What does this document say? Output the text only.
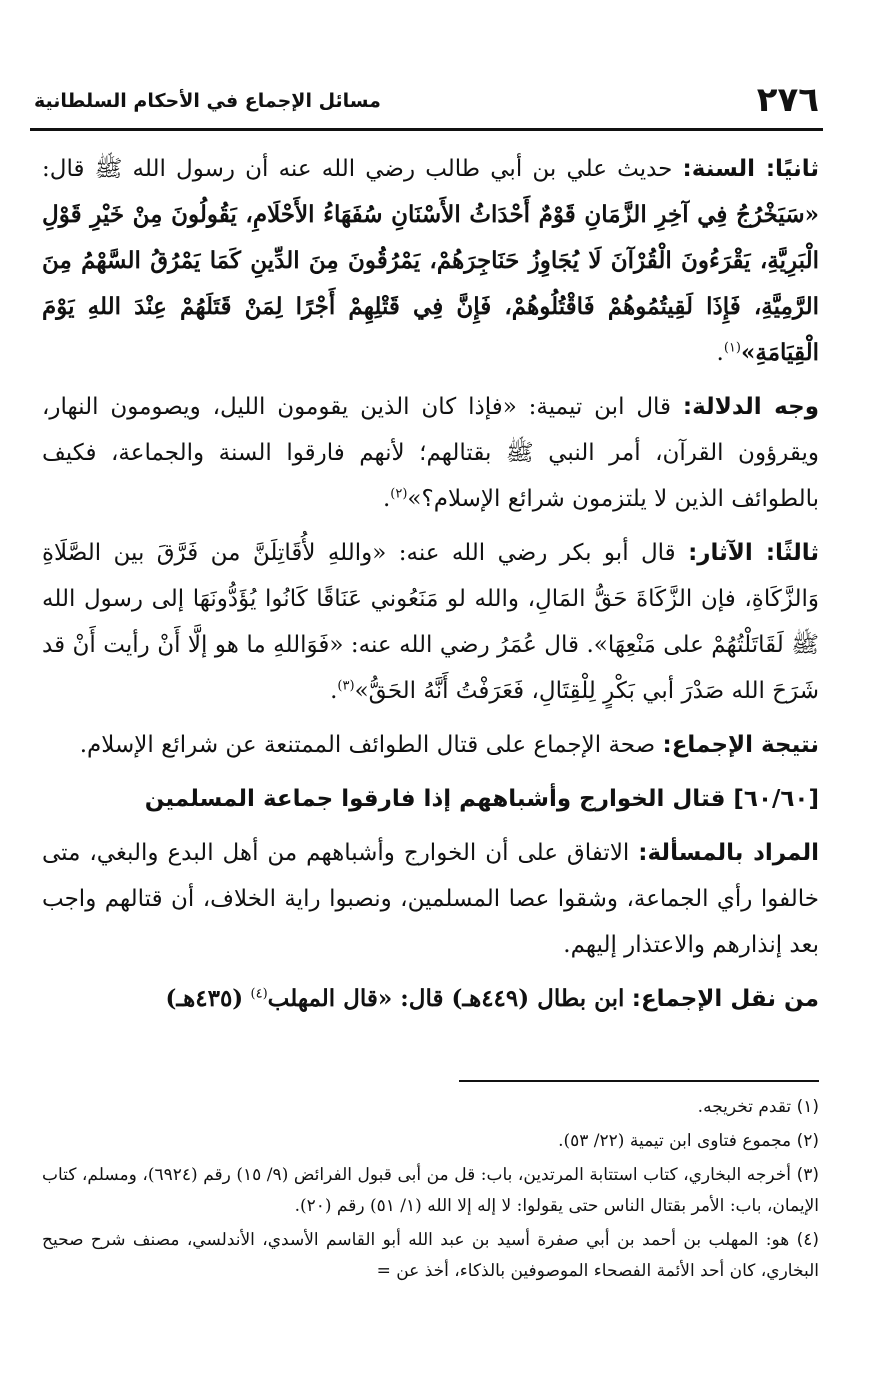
٢٧٦
مسائل الإجماع في الأحكام السلطانية

ثانيًا: السنة: حديث علي بن أبي طالب رضي الله عنه أن رسول الله ﷺ قال: «سَيَخْرُجُ فِي آخِرِ الزَّمَانِ قَوْمٌ أَحْدَاثُ الأَسْنَانِ سُفَهَاءُ الأَحْلَامِ، يَقُولُونَ مِنْ خَيْرِ قَوْلِ الْبَرِيَّةِ، يَقْرَءُونَ الْقُرْآنَ لَا يُجَاوِزُ حَنَاجِرَهُمْ، يَمْرُقُونَ مِنَ الدِّينِ كَمَا يَمْرُقُ السَّهْمُ مِنَ الرَّمِيَّةِ، فَإِذَا لَقِيتُمُوهُمْ فَاقْتُلُوهُمْ، فَإِنَّ فِي قَتْلِهِمْ أَجْرًا لِمَنْ قَتَلَهُمْ عِنْدَ اللهِ يَوْمَ الْقِيَامَةِ»$^{(١)}$.

وجه الدلالة: قال ابن تيمية: «فإذا كان الذين يقومون الليل، ويصومون النهار، ويقرؤون القرآن، أمر النبي ﷺ بقتالهم؛ لأنهم فارقوا السنة والجماعة، فكيف بالطوائف الذين لا يلتزمون شرائع الإسلام؟»$^{(٢)}$.

ثالثًا: الآثار: قال أبو بكر رضي الله عنه: «واللهِ لأُقَاتِلَنَّ من فَرَّقَ بين الصَّلَاةِ وَالزَّكَاةِ، فإن الزَّكَاةَ حَقُّ المَالِ، والله لو مَنَعُوني عَنَاقًا كَانُوا يُؤَدُّونَهَا إلى رسول الله ﷺ لَقَاتَلْتُهُمْ على مَنْعِهَا». قال عُمَرُ رضي الله عنه: «فَوَاللهِ ما هو إلَّا أَنْ رأيت أَنْ قد شَرَحَ الله صَدْرَ أبي بَكْرٍ لِلْقِتَالِ، فَعَرَفْتُ أَنَّهُ الحَقُّ»$^{(٣)}$.

نتيجة الإجماع: صحة الإجماع على قتال الطوائف الممتنعة عن شرائع الإسلام.

[٦٠/٦٠] قتال الخوارج وأشباههم إذا فارقوا جماعة المسلمين

المراد بالمسألة: الاتفاق على أن الخوارج وأشباههم من أهل البدع والبغي، متى خالفوا رأي الجماعة، وشقوا عصا المسلمين، ونصبوا راية الخلاف، أن قتالهم واجب بعد إنذارهم والاعتذار إليهم.

من نقل الإجماع: ابن بطال (٤٤٩هـ) قال: «قال المهلب$^{(٤)}$ (٤٣٥هـ)

(١) تقدم تخريجه.

(٢) مجموع فتاوى ابن تيمية (٢٢/ ٥٣).

(٣) أخرجه البخاري، كتاب استتابة المرتدين، باب: قل من أبى قبول الفرائض (٩/ ١٥) رقم (٦٩٢٤)، ومسلم، كتاب الإيمان، باب: الأمر بقتال الناس حتى يقولوا: لا إله إلا الله (١/ ٥١) رقم (٢٠).

(٤) هو: المهلب بن أحمد بن أبي صفرة أسيد بن عبد الله أبو القاسم الأسدي، الأندلسي، مصنف شرح صحيح البخاري، كان أحد الأئمة الفصحاء الموصوفين بالذكاء، أخذ عن =
